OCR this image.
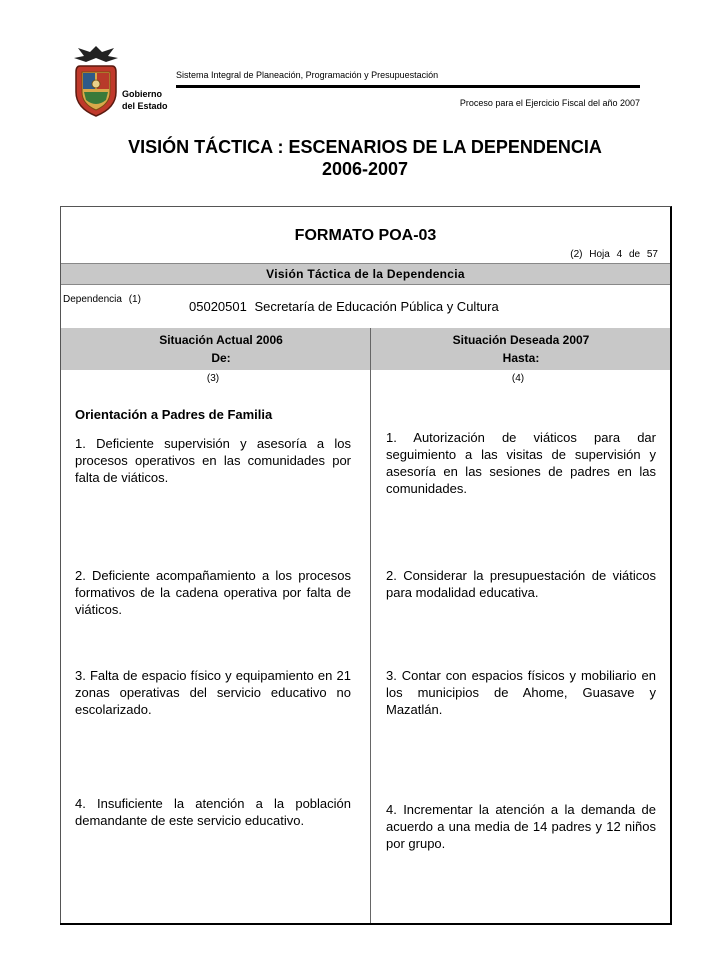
Gobierno
del Estado
Sistema Integral de Planeación, Programación y Presupuestación
Proceso para el Ejercicio Fiscal del año 2007
VISIÓN TÁCTICA : ESCENARIOS DE LA DEPENDENCIA
2006-2007
FORMATO POA-03
(2) Hoja 4 de 57
Visión Táctica de la Dependencia
Dependencia (1)	05020501 Secretaría de Educación Pública y Cultura
Situación Actual 2006
De:
Situación Deseada 2007
Hasta:
(3)	(4)
Orientación a Padres de Familia
1. Deficiente supervisión y asesoría a los procesos operativos en las comunidades por falta de viáticos.
2. Deficiente acompañamiento a los procesos formativos de la cadena operativa por falta de viáticos.
3. Falta de espacio físico y equipamiento en 21 zonas operativas del servicio educativo no escolarizado.
4. Insuficiente la atención a la población demandante de este servicio educativo.
1. Autorización de viáticos para dar seguimiento a las visitas de supervisión y asesoría en las sesiones de padres en las comunidades.
2. Considerar la presupuestación de viáticos para modalidad educativa.
3. Contar con espacios físicos y mobiliario en los municipios de Ahome, Guasave y Mazatlán.
4. Incrementar la atención a la demanda de acuerdo a una media de 14 padres y 12 niños por grupo.
